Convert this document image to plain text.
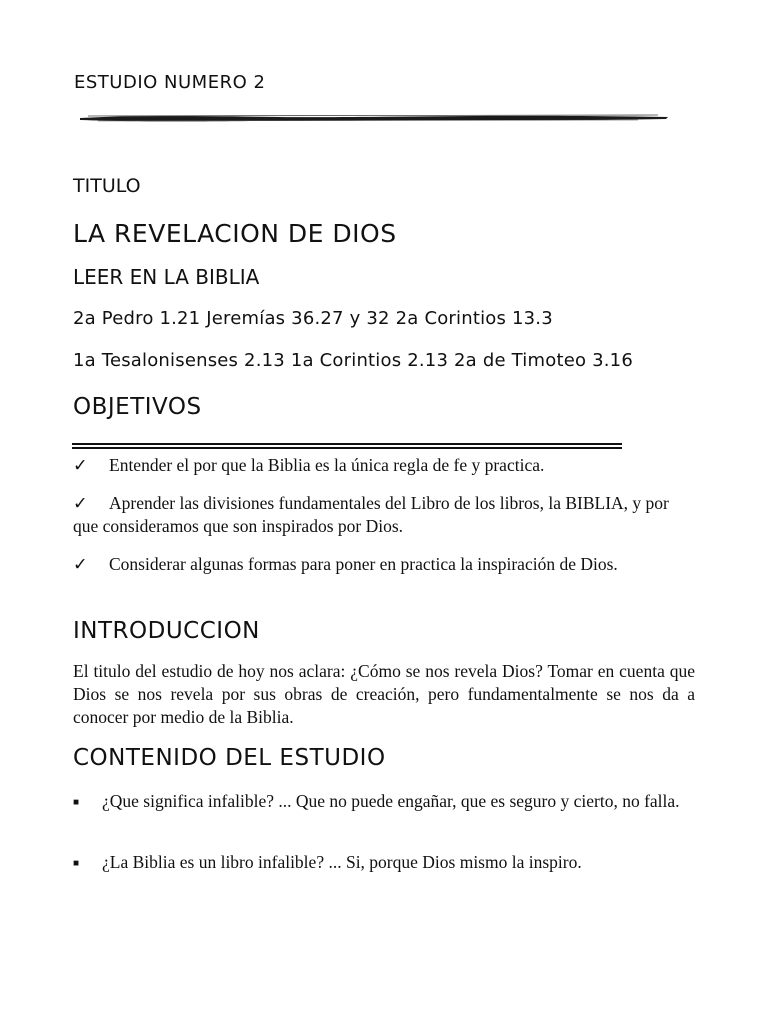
ESTUDIO NUMERO 2
TITULO
LA REVELACION DE DIOS
LEER EN LA BIBLIA
2a Pedro 1.21 Jeremías 36.27 y 32 2a Corintios 13.3
1a Tesalonisenses 2.13 1a Corintios 2.13 2a de Timoteo 3.16
OBJETIVOS
✓ Entender el por que la Biblia es la única regla de fe y practica.
✓ Aprender las divisiones fundamentales del Libro de los libros, la BIBLIA, y por que consideramos que son inspirados por Dios.
✓ Considerar algunas formas para poner en practica la inspiración de Dios.
INTRODUCCION
El titulo del estudio de hoy nos aclara: ¿Cómo se nos revela Dios? Tomar en cuenta que Dios se nos revela por sus obras de creación, pero fundamentalmente se nos da a conocer por medio de la Biblia.
CONTENIDO DEL ESTUDIO
■ ¿Que significa infalible? ... Que no puede engañar, que es seguro y cierto, no falla.
■ ¿La Biblia es un libro infalible? ... Si, porque Dios mismo la inspiro.
